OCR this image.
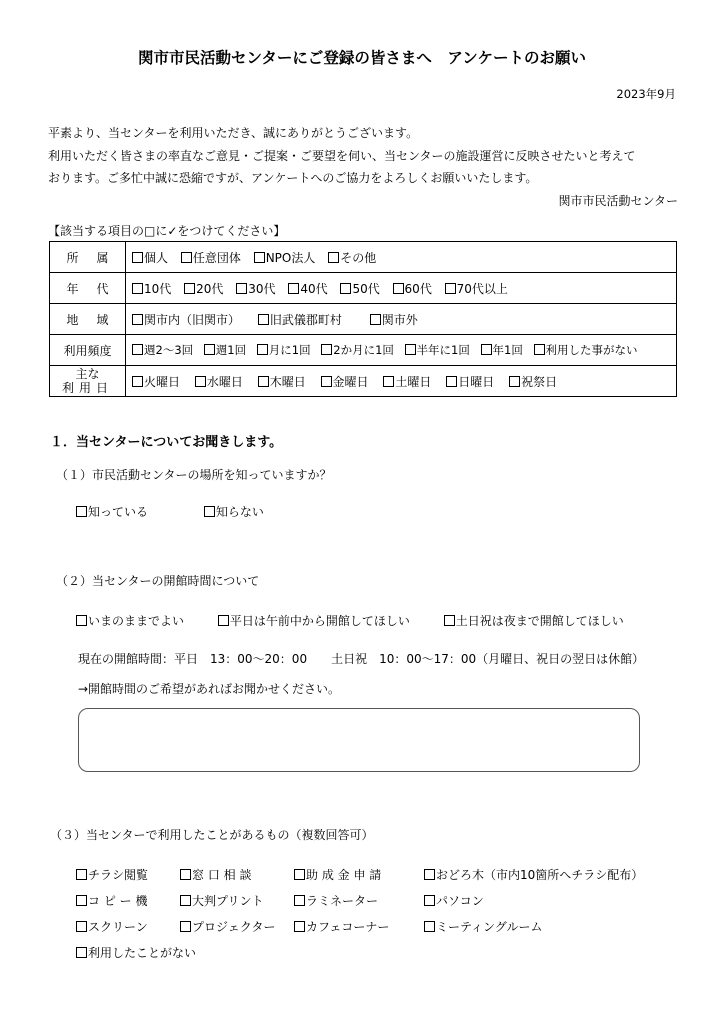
関市市民活動センターにご登録の皆さまへ　アンケートのお願い
2023年9月
平素より、当センターを利用いただき、誠にありがとうございます。
利用いただく皆さまの率直なご意見・ご提案・ご要望を伺い、当センターの施設運営に反映させたいと考えて
おります。ご多忙中誠に恐縮ですが、アンケートへのご協力をよろしくお願いいたします。
関市市民活動センター
【該当する項目の□に✓をつけてください】
所属	個人 任意団体 NPO法人 その他
年代	10代 20代 30代 40代 50代 60代 70代以上
地域	関市内（旧関市） 旧武儀郡町村 関市外
利用頻度	週2～3回 週1回 月に1回 2か月に1回 半年に1回 年1回 利用した事がない
主な
利用日	火曜日 水曜日 木曜日 金曜日 土曜日 日曜日 祝祭日
１．当センターについてお聞きします。
（１）市民活動センターの場所を知っていますか？
知っている	知らない
（２）当センターの開館時間について
いまのままでよい	平日は午前中から開館してほしい	土日祝は夜まで開館してほしい
現在の開館時間：平日　13：00～20：00　　土日祝　10：00～17：00（月曜日、祝日の翌日は休館）
→開館時間のご希望があればお聞かせください。
（３）当センターで利用したことがあるもの（複数回答可）
チラシ閲覧	窓 口 相 談	助 成 金 申 請	おどろ木（市内10箇所へチラシ配布）
コ ピ ー 機	大判プリント	ラミネーター	パソコン
スクリーン	プロジェクター	カフェコーナー	ミーティングルーム
利用したことがない
